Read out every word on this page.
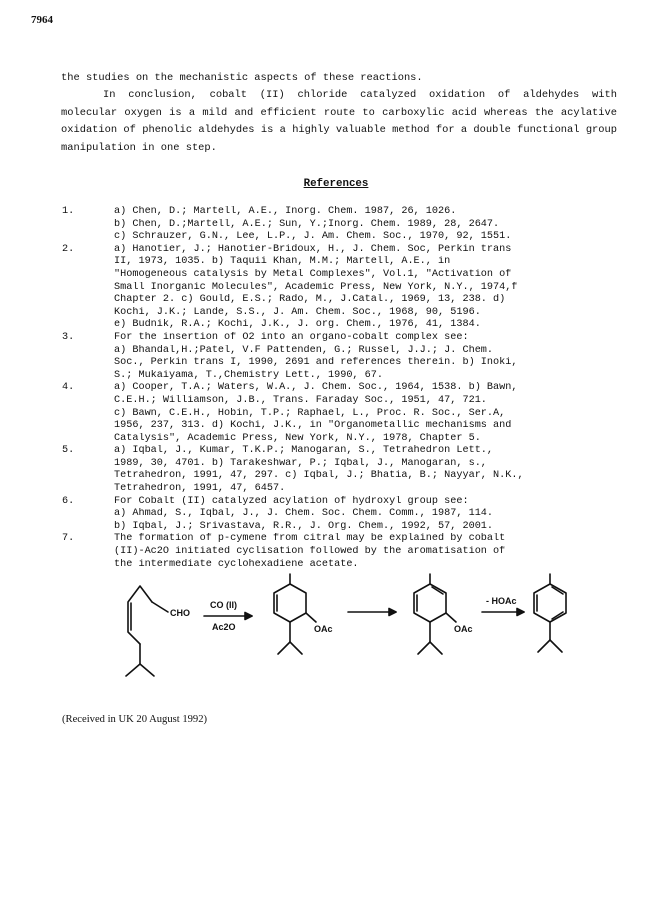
7964

the studies on the mechanistic aspects of these reactions.

In conclusion, cobalt (II) chloride catalyzed oxidation of aldehydes with molecular oxygen is a mild and efficient route to carboxylic acid whereas the acylative oxidation of phenolic aldehydes is a highly valuable method for a double functional group manipulation in one step.

References
1.	a) Chen, D.; Martell, A.E., Inorg. Chem. 1987, 26, 1026.
b) Chen, D.;Martell, A.E.; Sun, Y.;Inorg. Chem. 1989, 28, 2647.
c) Schrauzer, G.N., Lee, L.P., J. Am. Chem. Soc., 1970, 92, 1551.
2.	a) Hanotier, J.; Hanotier-Bridoux, H., J. Chem. Soc, Perkin trans
II, 1973, 1035. b) Taquii Khan, M.M.; Martell, A.E., in
"Homogeneous catalysis by Metal Complexes", Vol.1, "Activation of
Small Inorganic Molecules", Academic Press, New York, N.Y., 1974,f
Chapter 2. c) Gould, E.S.; Rado, M., J.Catal., 1969, 13, 238. d)
Kochi, J.K.; Lande, S.S., J. Am. Chem. Soc., 1968, 90, 5196.
e) Budnik, R.A.; Kochi, J.K., J. org. Chem., 1976, 41, 1384.
3.	For the insertion of O2 into an organo-cobalt complex see:
a) Bhandal,H.;Patel, V.F Pattenden, G.; Russel, J.J.; J. Chem.
Soc., Perkin trans I, 1990, 2691 and references therein. b) Inoki,
S.; Mukaiyama, T.,Chemistry Lett., 1990, 67.
4.	a) Cooper, T.A.; Waters, W.A., J. Chem. Soc., 1964, 1538. b) Bawn,
C.E.H.; Williamson, J.B., Trans. Faraday Soc., 1951, 47, 721.
c) Bawn, C.E.H., Hobin, T.P.; Raphael, L., Proc. R. Soc., Ser.A,
1956, 237, 313. d) Kochi, J.K., in "Organometallic mechanisms and
Catalysis", Academic Press, New York, N.Y., 1978, Chapter 5.
5.	a) Iqbal, J., Kumar, T.K.P.; Manogaran, S., Tetrahedron Lett.,
1989, 30, 4701. b) Tarakeshwar, P.; Iqbal, J., Manogaran, s.,
Tetrahedron, 1991, 47, 297. c) Iqbal, J.; Bhatia, B.; Nayyar, N.K.,
Tetrahedron, 1991, 47, 6457.
6.	For Cobalt (II) catalyzed acylation of hydroxyl group see:
a) Ahmad, S., Iqbal, J., J. Chem. Soc. Chem. Comm., 1987, 114.
b) Iqbal, J.; Srivastava, R.R., J. Org. Chem., 1992, 57, 2001.
7.	The formation of p-cymene from citral may be explained by cobalt
(II)-Ac2O initiated cyclisation followed by the aromatisation of
the intermediate cyclohexadiene acetate.
CHO
CO (II)
Ac2O	OAc	OAc
- HOAc
(Received in UK 20 August 1992)
